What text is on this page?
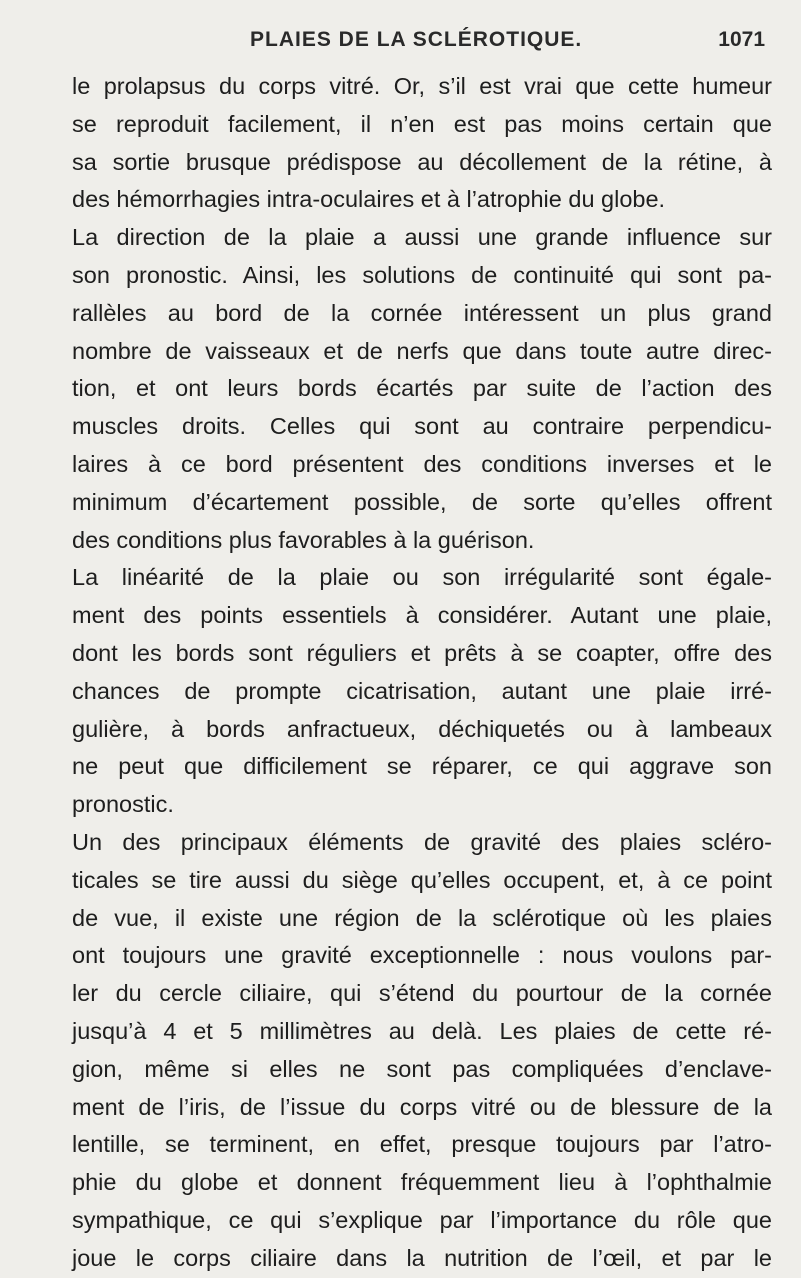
PLAIES DE LA SCLÉROTIQUE.	1071
le prolapsus du corps vitré. Or, s’il est vrai que cette humeur
se reproduit facilement, il n’en est pas moins certain que
sa sortie brusque prédispose au décollement de la rétine, à
des hémorrhagies intra-oculaires et à l’atrophie du globe.
La direction de la plaie a aussi une grande influence sur
son pronostic. Ainsi, les solutions de continuité qui sont pa-
rallèles au bord de la cornée intéressent un plus grand
nombre de vaisseaux et de nerfs que dans toute autre direc-
tion, et ont leurs bords écartés par suite de l’action des
muscles droits. Celles qui sont au contraire perpendicu-
laires à ce bord présentent des conditions inverses et le
minimum d’écartement possible, de sorte qu’elles offrent
des conditions plus favorables à la guérison.
La linéarité de la plaie ou son irrégularité sont égale-
ment des points essentiels à considérer. Autant une plaie,
dont les bords sont réguliers et prêts à se coapter, offre des
chances de prompte cicatrisation, autant une plaie irré-
gulière, à bords anfractueux, déchiquetés ou à lambeaux
ne peut que difficilement se réparer, ce qui aggrave son
pronostic.
Un des principaux éléments de gravité des plaies scléro-
ticales se tire aussi du siège qu’elles occupent, et, à ce point
de vue, il existe une région de la sclérotique où les plaies
ont toujours une gravité exceptionnelle : nous voulons par-
ler du cercle ciliaire, qui s’étend du pourtour de la cornée
jusqu’à 4 et 5 millimètres au delà. Les plaies de cette ré-
gion, même si elles ne sont pas compliquées d’enclave-
ment de l’iris, de l’issue du corps vitré ou de blessure de la
lentille, se terminent, en effet, presque toujours par l’atro-
phie du globe et donnent fréquemment lieu à l’ophthalmie
sympathique, ce qui s’explique par l’importance du rôle que
joue le corps ciliaire dans la nutrition de l’œil, et par le
